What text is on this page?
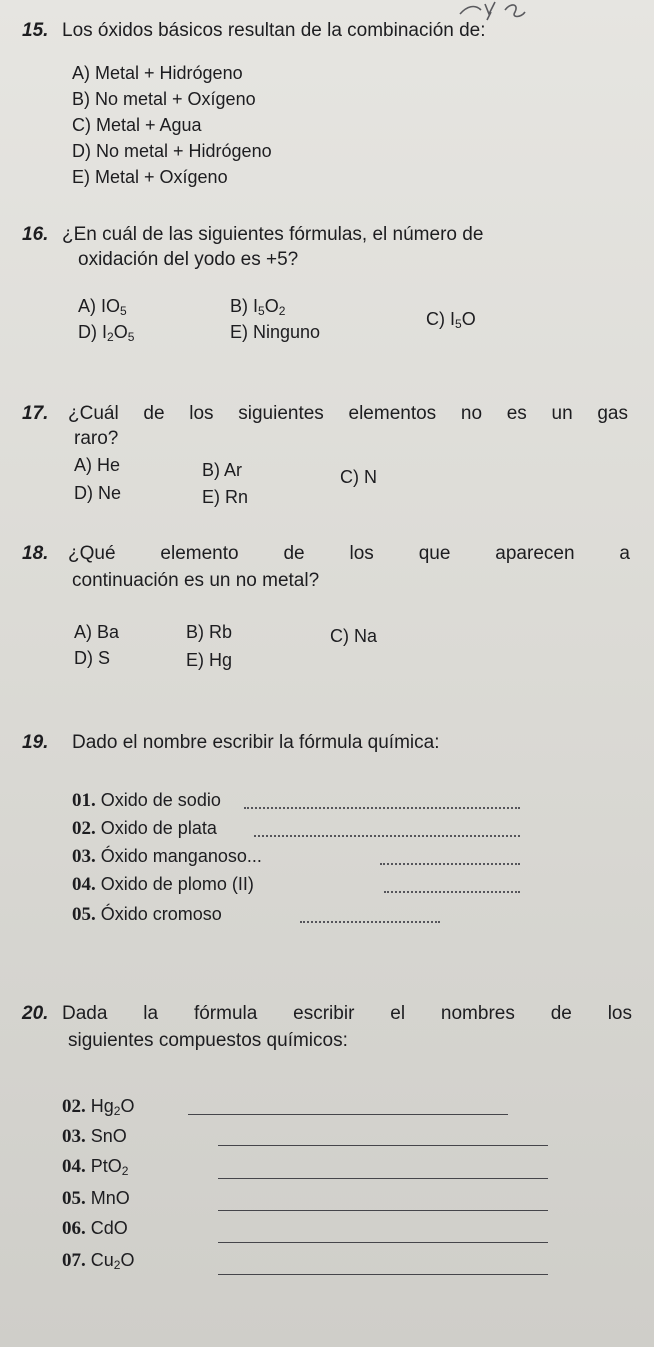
15. Los óxidos básicos resultan de la combinación de:
A) Metal + Hidrógeno
B) No metal + Oxígeno
C) Metal + Agua
D) No metal + Hidrógeno
E) Metal + Oxígeno
16. ¿En cuál de las siguientes fórmulas, el número de
oxidación del yodo es +5?
A) $IO_5$	B) $I_5O_2$	C) $I_5O$
D) $I_2O_5$	E) Ninguno
17. ¿Cuál de los siguientes elementos no es un gas
raro?
A) He	B) Ar	C) N
D) Ne	E) Rn
18. ¿Qué elemento de los que aparecen a
continuación es un no metal?
A) Ba	B) Rb	C) Na
D) S	E) Hg
19. Dado el nombre escribir la fórmula química:
01. Oxido de sodio
02. Oxido de plata
03. Óxido manganoso...
04. Oxido de plomo (II)
05. Óxido cromoso
20. Dada la fórmula escribir el nombres de los
siguientes compuestos químicos:
02. $Hg_2O$
03. SnO
04. PtO$_2$
05. MnO
06. CdO
07. $Cu_2O$
